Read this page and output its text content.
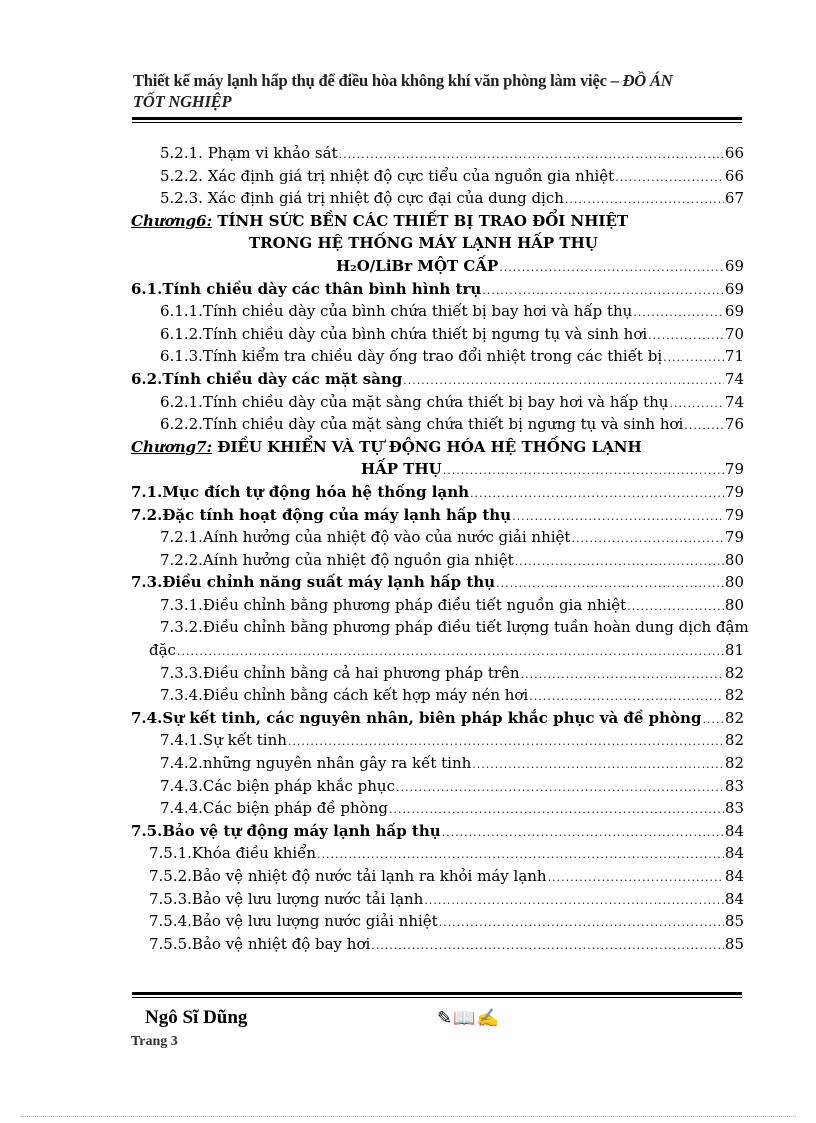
Thiết kế máy lạnh hấp thụ để điều hòa không khí văn phòng làm việc – ĐỒ ÁN
TỐT NGHIỆP
5.2.1. Phạm vi khảo sát .....	66
5.2.2. Xác định giá trị nhiệt độ cực tiểu của nguồn gia nhiệt .....	66
5.2.3. Xác định giá trị nhiệt độ cực đại của dung dịch .....	67
Chương6: TÍNH SỨC BỀN CÁC THIẾT BỊ TRAO ĐỔI NHIỆT
TRONG HỆ THỐNG MÁY LẠNH HẤP THỤ
H₂O/LiBr MỘT CẤP .....	69
6.1.Tính chiều dày các thân bình hình trụ .....	69
6.1.1.Tính chiều dày của bình chứa thiết bị bay hơi và hấp thụ .....	69
6.1.2.Tính chiều dày của bình chứa thiết bị ngưng tụ và sinh hơi .....	70
6.1.3.Tính kiểm tra chiều dày ống trao đổi nhiệt trong các thiết bị .....	71
6.2.Tính chiều dày các mặt sàng .....	74
6.2.1.Tính chiều dày của mặt sàng chứa thiết bị bay hơi và hấp thụ .....	74
6.2.2.Tính chiều dày của mặt sàng chứa thiết bị ngưng tụ và sinh hơi .....	76
Chương7: ĐIỀU KHIỂN VÀ TỰ ĐỘNG HÓA HỆ THỐNG LẠNH
HẤP THỤ .....	79
7.1.Mục đích tự động hóa hệ thống lạnh .....	79
7.2.Đặc tính hoạt động của máy lạnh hấp thụ .....	79
7.2.1.Aính hưởng của nhiệt độ vào của nước giải nhiệt .....	79
7.2.2.Aính hưởng của nhiệt độ nguồn gia nhiệt .....	80
7.3.Điều chỉnh năng suất máy lạnh hấp thụ .....	80
7.3.1.Điều chỉnh bằng phương pháp điều tiết nguồn gia nhiệt .....	80
7.3.2.Điều chỉnh bằng phương pháp điều tiết lượng tuần hoàn dung dịch đậm
đặc .....	81
7.3.3.Điều chỉnh bằng cả hai phương pháp trên .....	82
7.3.4.Điều chỉnh bằng cách kết hợp máy nén hơi .....	82
7.4.Sự kết tinh, các nguyên nhân, biên pháp khắc phục và đề phòng ..... 82
7.4.1.Sự kết tinh .....	82
7.4.2.những nguyên nhân gây ra kết tinh .....	82
7.4.3.Các biện pháp khắc phục .....	83
7.4.4.Các biện pháp đề phòng .....	83
7.5.Bảo vệ tự động máy lạnh hấp thụ .....	84
7.5.1.Khóa điều khiển .....	84
7.5.2.Bảo vệ nhiệt độ nước tải lạnh ra khỏi máy lạnh .....	84
7.5.3.Bảo vệ lưu lượng nước tải lạnh .....	84
7.5.4.Bảo vệ lưu lượng nước giải nhiệt .....	85
7.5.5.Bảo vệ nhiệt độ bay hơi .....	85
Ngô Sĩ Dũng	✎📖✍
Trang 3
